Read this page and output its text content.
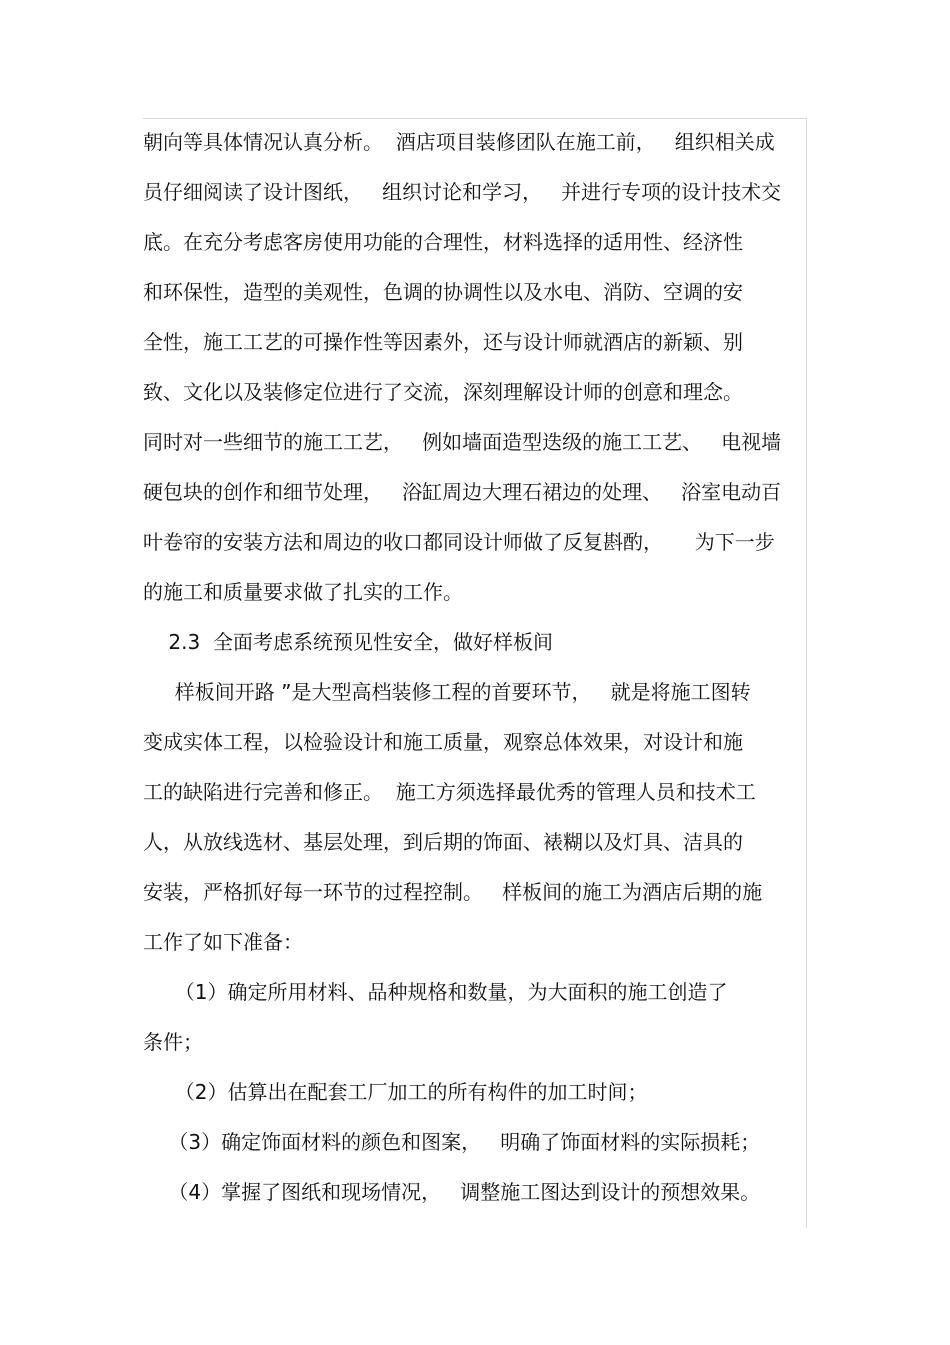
朝向等具体情况认真分析。  酒店项目装修团队在施工前，   组织相关成
员仔细阅读了设计图纸，   组织讨论和学习，   并进行专项的设计技术交
底。在充分考虑客房使用功能的合理性，材料选择的适用性、经济性
和环保性，造型的美观性，色调的协调性以及水电、消防、空调的安
全性，施工工艺的可操作性等因素外，还与设计师就酒店的新颖、别
致、文化以及装修定位进行了交流，深刻理解设计师的创意和理念。
同时对一些细节的施工工艺，   例如墙面造型迭级的施工工艺、   电视墙
硬包块的创作和细节处理，   浴缸周边大理石裙边的处理、   浴室电动百
叶卷帘的安装方法和周边的收口都同设计师做了反复斟酌，     为下一步
的施工和质量要求做了扎实的工作。
2.3  全面考虑系统预见性安全，做好样板间
样板间开路 ”是大型高档装修工程的首要环节，   就是将施工图转
变成实体工程，以检验设计和施工质量，观察总体效果，对设计和施
工的缺陷进行完善和修正。  施工方须选择最优秀的管理人员和技术工
人，从放线选材、基层处理，到后期的饰面、裱糊以及灯具、洁具的
安装，严格抓好每一环节的过程控制。   样板间的施工为酒店后期的施
工作了如下准备：
（1）确定所用材料、品种规格和数量，为大面积的施工创造了
条件；
（2）估算出在配套工厂加工的所有构件的加工时间；
（3）确定饰面材料的颜色和图案，   明确了饰面材料的实际损耗；
（4）掌握了图纸和现场情况，   调整施工图达到设计的预想效果。
